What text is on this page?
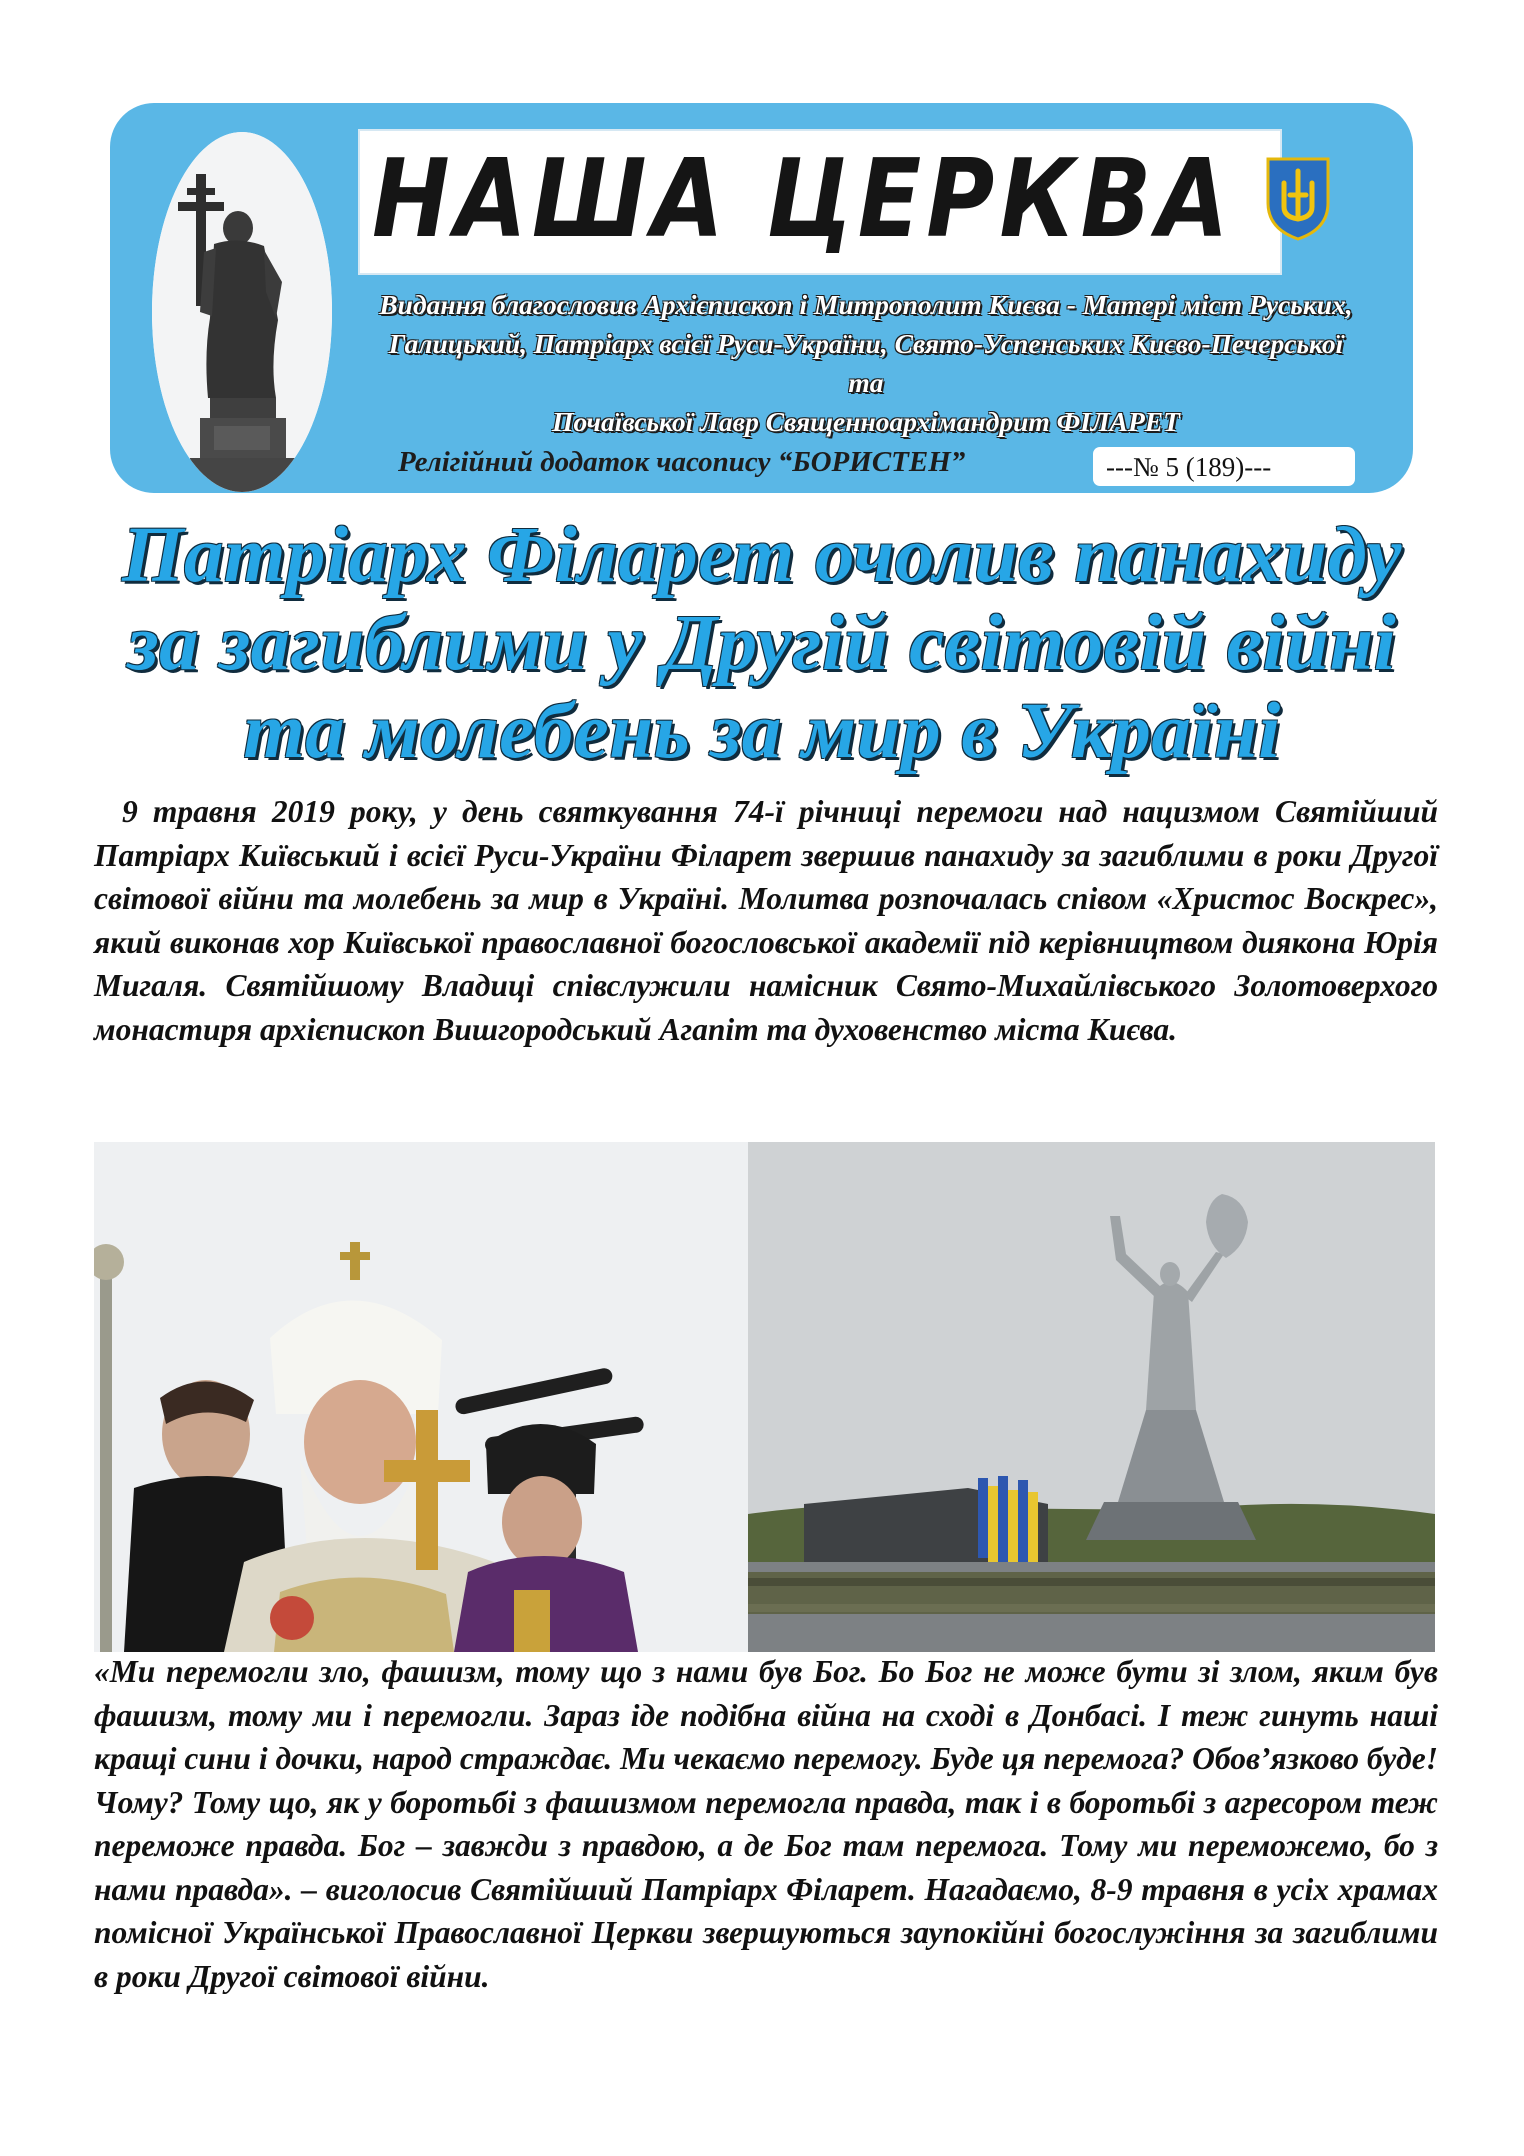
НАША ЦЕРКВА
Видання благословив Архієпископ і Митрополит Києва - Матері міст Руських,
Галицький, Патріарх всієї Руси-України, Свято-Успенських Києво-Печерської та
Почаївської Лавр Священноархімандрит ФІЛАРЕТ
Релігійний додаток часопису “БОРИСТЕН”	---№ 5 (189)---
Патріарх Філарет очолив панахиду
за загиблими у Другій світовій війні
та молебень за мир в Україні

9 травня 2019 року, у день святкування 74-ї річниці перемоги над нацизмом Святійший Патріарх Київський і всієї Руси-України Філарет звершив панахиду за загиблими в роки Другої світової війни та молебень за мир в Україні. Молитва розпочалась співом «Христос Воскрес», який виконав хор Київської православної богословської академії під керівництвом диякона Юрія Мигаля. Святійшому Владиці співслужили намісник Свято-Михайлівського Золотоверхого монастиря архієпископ Вишгородський Агапіт та духовенство міста Києва.

«Ми перемогли зло, фашизм, тому що з нами був Бог. Бо Бог не може бути зі злом, яким був фашизм, тому ми і перемогли. Зараз іде подібна війна на сході в Донбасі. І теж гинуть наші кращі сини і дочки, народ страждає. Ми чекаємо перемогу. Буде ця перемога? Обов’язково буде! Чому? Тому що, як у боротьбі з фашизмом перемогла правда, так і в боротьбі з агресором теж переможе правда. Бог – завжди з правдою, а де Бог там перемога. Тому ми переможемо, бо з нами правда». – виголосив Святійший Патріарх Філарет. Нагадаємо, 8-9 травня в усіх храмах помісної Української Православної Церкви звершуються заупокійні богослужіння за загиблими в роки Другої світової війни.
